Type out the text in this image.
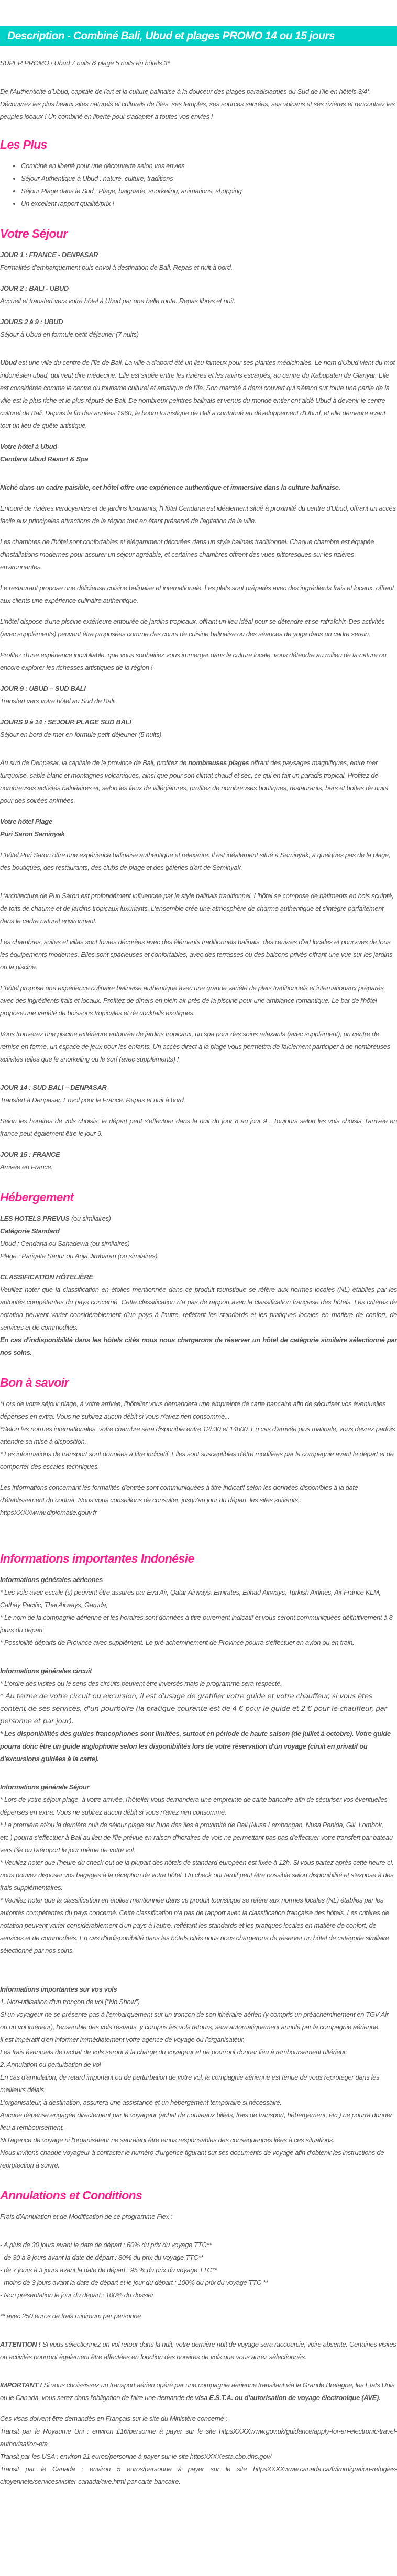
Description - Combiné Bali, Ubud et plages PROMO 14 ou 15 jours

SUPER PROMO ! Ubud 7 nuits & plage 5 nuits en hôtels 3*

De l'Authenticité d'Ubud, capitale de l'art et la culture balinaise à la douceur des plages paradisiaques du Sud de l'île en hôtels 3/4*. Découvrez les plus beaux sites naturels et culturels de l'îles, ses temples, ses sources sacrées, ses volcans et ses rizières et rencontrez les peuples locaux ! Un combiné en liberté pour s'adapter à toutes vos envies !

Les Plus
• Combiné en liberté pour une découverte selon vos envies
• Séjour Authentique à Ubud : nature, culture, traditions
• Séjour Plage dans le Sud : Plage, baignade, snorkeling, animations, shopping
• Un excellent rapport qualité/prix !
Votre Séjour

JOUR 1 : FRANCE - DENPASAR
Formalités d'embarquement puis envol à destination de Bali. Repas et nuit à bord.

JOUR 2 : BALI - UBUD
Accueil et transfert vers votre hôtel à Ubud par une belle route. Repas libres et nuit.

JOURS 2 à 9 : UBUD
Séjour à Ubud en formule petit-déjeuner (7 nuits)

Ubud est une ville du centre de l'île de Bali. La ville a d'abord été un lieu fameux pour ses plantes médicinales. Le nom d'Ubud vient du mot indonésien ubad, qui veut dire médecine. Elle est située entre les rizières et les ravins escarpés, au centre du Kabupaten de Gianyar. Elle est considérée comme le centre du tourisme culturel et artistique de l'île. Son marché à demi couvert qui s'étend sur toute une partie de la ville est le plus riche et le plus réputé de Bali. De nombreux peintres balinais et venus du monde entier ont aidé Ubud à devenir le centre culturel de Bali. Depuis la fin des années 1960, le boom touristique de Bali a contribué au développement d'Ubud, et elle demeure avant tout un lieu de quête artistique.

Votre hôtel à Ubud
Cendana Ubud Resort & Spa

Niché dans un cadre paisible, cet hôtel offre une expérience authentique et immersive dans la culture balinaise.

Entouré de rizières verdoyantes et de jardins luxuriants, l'Hôtel Cendana est idéalement situé à proximité du centre d'Ubud, offrant un accès facile aux principales attractions de la région tout en étant préservé de l'agitation de la ville.

Les chambres de l'hôtel sont confortables et élégamment décorées dans un style balinais traditionnel. Chaque chambre est équipée d'installations modernes pour assurer un séjour agréable, et certaines chambres offrent des vues pittoresques sur les rizières environnantes.

Le restaurant propose une délicieuse cuisine balinaise et internationale. Les plats sont préparés avec des ingrédients frais et locaux, offrant aux clients une expérience culinaire authentique.

L'hôtel dispose d'une piscine extérieure entourée de jardins tropicaux, offrant un lieu idéal pour se détendre et se rafraîchir. Des activités (avec suppléments) peuvent être proposées comme des cours de cuisine balinaise ou des séances de yoga dans un cadre serein.

Profitez d'une expérience inoubliable, que vous souhaitiez vous immerger dans la culture locale, vous détendre au milieu de la nature ou encore explorer les richesses artistiques de la région !

JOUR 9 : UBUD – SUD BALI
Transfert vers votre hôtel au Sud de Bali.

JOURS 9 à 14 : SEJOUR PLAGE SUD BALI
Séjour en bord de mer en formule petit-déjeuner (5 nuits).

Au sud de Denpasar, la capitale de la province de Bali, profitez de nombreuses plages offrant des paysages magnifiques, entre mer turquoise, sable blanc et montagnes volcaniques, ainsi que pour son climat chaud et sec, ce qui en fait un paradis tropical. Profitez de nombreuses activités balnéaires et, selon les lieux de villégiatures, profitez de nombreuses boutiques, restaurants, bars et boîtes de nuits pour des soirées animées.

Votre hôtel Plage
Puri Saron Seminyak

L'hôtel Puri Saron offre une expérience balinaise authentique et relaxante. Il est idéalement situé à Seminyak, à quelques pas de la plage, des boutiques, des restaurants, des clubs de plage et des galeries d'art de Seminyak.

L'architecture de Puri Saron est profondément influencée par le style balinais traditionnel. L'hôtel se compose de bâtiments en bois sculpté, de toits de chaume et de jardins tropicaux luxuriants. L'ensemble crée une atmosphère de charme authentique et s'intègre parfaitement dans le cadre naturel environnant.

Les chambres, suites et villas sont toutes décorées avec des éléments traditionnels balinais, des œuvres d'art locales et pourvues de tous les équipements modernes. Elles sont spacieuses et confortables, avec des terrasses ou des balcons privés offrant une vue sur les jardins ou la piscine.

L'hôtel propose une expérience culinaire balinaise authentique avec une grande variété de plats traditionnels et internationaux préparés avec des ingrédients frais et locaux. Profitez de dîners en plein air près de la piscine pour une ambiance romantique. Le bar de l'hôtel propose une variété de boissons tropicales et de cocktails exotiques.

Vous trouverez une piscine extérieure entourée de jardins tropicaux, un spa pour des soins relaxants (avec supplément), un centre de remise en forme, un espace de jeux pour les enfants. Un accès direct à la plage vous permettra de faiclement participer à de nombreuses activités telles que le snorkeling ou le surf (avec suppléments) !

JOUR 14 : SUD BALI – DENPASAR
Transfert à Denpasar. Envol pour la France. Repas et nuit à bord.

Selon les horaires de vols choisis, le départ peut s'effectuer dans la nuit du jour 8 au jour 9 . Toujours selon les vols choisis, l'arrivée en france peut également être le jour 9.

JOUR 15 : FRANCE
Arrivée en France.

Hébergement

LES HOTELS PREVUS (ou similaires)
Catégorie Standard
Ubud : Cendana ou Sahadewa (ou similaires)
Plage : Parigata Sanur ou Anja Jimbaran (ou similaires)

CLASSIFICATION HÔTELIÈRE
Veuillez noter que la classification en étoiles mentionnée dans ce produit touristique se réfère aux normes locales (NL) établies par les autorités compétentes du pays concerné. Cette classification n'a pas de rapport avec la classification française des hôtels. Les critères de notation peuvent varier considérablement d'un pays à l'autre, reflétant les standards et les pratiques locales en matière de confort, de services et de commodités.
En cas d'indisponibilité dans les hôtels cités nous nous chargerons de réserver un hôtel de catégorie similaire sélectionné par nos soins.

Bon à savoir

*Lors de votre séjour plage, à votre arrivée, l'hôtelier vous demandera une empreinte de carte bancaire afin de sécuriser vos éventuelles dépenses en extra. Vous ne subirez aucun débit si vous n'avez rien consommé...
*Selon les normes internationales, votre chambre sera disponible entre 12h30 et 14h00. En cas d'arrivée plus matinale, vous devrez parfois attendre sa mise à disposition.
* Les informations de transport sont données à titre indicatif. Elles sont susceptibles d'être modifiées par la compagnie avant le départ et de comporter des escales techniques.

Les informations concernant les formalités d'entrée sont communiquées à titre indicatif selon les données disponibles à la date d'établissement du contrat. Nous vous conseillons de consulter, jusqu'au jour du départ, les sites suivants : httpsXXXXwww.diplomatie.gouv.fr

Informations importantes Indonésie

Informations générales aériennes
* Les vols avec escale (s) peuvent être assurés par Eva Air, Qatar Airways, Emirates, Etihad Airways, Turkish Airlines, Air France KLM, Cathay Pacific, Thai Airways, Garuda,
* Le nom de la compagnie aérienne et les horaires sont données à titre purement indicatif et vous seront communiquées définitivement à 8 jours du départ
* Possibilité départs de Province avec supplément. Le pré acheminement de Province pourra s'effectuer en avion ou en train.

Informations générales circuit
* L'ordre des visites ou le sens des circuits peuvent être inversés mais le programme sera respecté.

* Au terme de votre circuit ou excursion, il est d'usage de gratifier votre guide et votre chauffeur, si vous êtes content de ses services, d'un pourboire (la pratique courante est de 4 € pour le guide et 2 € pour le chauffeur, par personne et par jour).

* Les disponibilités des guides francophones sont limitées, surtout en période de haute saison (de juillet à octobre). Votre guide pourra donc être un guide anglophone selon les disponibilités lors de votre réservation d'un voyage (ciruit en privatif ou d'excursions guidées à la carte).

Informations générale Séjour
* Lors de votre séjour plage, à votre arrivée, l'hôtelier vous demandera une empreinte de carte bancaire afin de sécuriser vos éventuelles dépenses en extra. Vous ne subirez aucun débit si vous n'avez rien consommé.
* La première et/ou la dernière nuit de séjour plage sur l'une des îles à proximité de Bali (Nusa Lembongan, Nusa Penida, Gili, Lombok, etc.) pourra s'effectuer à Bali au lieu de l'île prévue en raison d'horaires de vols ne permettant pas pas d'effectuer votre transfert par bateau vers l'île ou l'aéroport le jour même de votre vol.
* Veuillez noter que l'heure du check out de la plupart des hôtels de standard européen est fixée à 12h. Si vous partez après cette heure-ci, nous pouvez disposer vos bagages à la réception de votre hôtel. Un check out tardif peut être possible selon disponibilité et s'expose à des frais supplémentaires.
* Veuillez noter que la classification en étoiles mentionnée dans ce produit touristique se réfère aux normes locales (NL) établies par les autorités compétentes du pays concerné. Cette classification n'a pas de rapport avec la classification française des hôtels. Les critères de notation peuvent varier considérablement d'un pays à l'autre, reflétant les standards et les pratiques locales en matière de confort, de services et de commodités. En cas d'indisponibilité dans les hôtels cités nous nous chargerons de réserver un hôtel de catégorie similaire sélectionné par nos soins.

Informations importantes sur vos vols
1. Non-utilisation d'un tronçon de vol ("No Show")
Si un voyageur ne se présente pas à l'embarquement sur un tronçon de son itinéraire aérien (y compris un préacheminement en TGV Air ou un vol intérieur), l'ensemble des vols restants, y compris les vols retours, sera automatiquement annulé par la compagnie aérienne.
Il est impératif d'en informer immédiatement votre agence de voyage ou l'organisateur.
Les frais éventuels de rachat de vols seront à la charge du voyageur et ne pourront donner lieu à remboursement ultérieur.
2. Annulation ou perturbation de vol
En cas d'annulation, de retard important ou de perturbation de votre vol, la compagnie aérienne est tenue de vous reprotéger dans les meilleurs délais.
L'organisateur, à destination, assurera une assistance et un hébergement temporaire si nécessaire.
Aucune dépense engagée directement par le voyageur (achat de nouveaux billets, frais de transport, hébergement, etc.) ne pourra donner lieu à remboursement.
Ni l'agence de voyage ni l'organisateur ne sauraient être tenus responsables des conséquences liées à ces situations.
Nous invitons chaque voyageur à contacter le numéro d'urgence figurant sur ses documents de voyage afin d'obtenir les instructions de reprotection à suivre.

Annulations et Conditions

Frais d'Annulation et de Modification de ce programme Flex :

- A plus de 30 jours avant la date de départ : 60% du prix du voyage TTC**
- de 30 à 8 jours avant la date de départ : 80% du prix du voyage TTC**
- de 7 jours à 3 jours avant la date de départ : 95 % du prix du voyage TTC**
- moins de 3 jours avant la date de départ et le jour du départ : 100% du prix du voyage TTC **
- Non présentation le jour du départ : 100% du dossier

** avec 250 euros de frais minimum par personne

ATTENTION ! Si vous sélectionnez un vol retour dans la nuit, votre dernière nuit de voyage sera raccourcie, voire absente. Certaines visites ou activités pourront également être affectées en fonction des horaires de vols que vous aurez sélectionnés.

IMPORTANT ! Si vous choississez un transport aérien opéré par une compagnie aérienne transitant via la Grande Bretagne, les États Unis ou le Canada, vous serez dans l'obligation de faire une demande de visa E.S.T.A. ou d'autorisation de voyage électronique (AVE).

Ces visas doivent être demandés en Français sur le site du Ministère concerné :
Transit par le Royaume Uni : environ £16/personne à payer sur le site httpsXXXXwww.gov.uk/guidance/apply-for-an-electronic-travel-authorisation-eta
Transit par les USA : environ 21 euros/personne à payer sur le site httpsXXXXesta.cbp.dhs.gov/
Transit par le Canada : environ 5 euros/personne à payer sur le site httpsXXXXwww.canada.ca/fr/immigration-refugies-citoyennete/services/visiter-canada/ave.html par carte bancaire.
